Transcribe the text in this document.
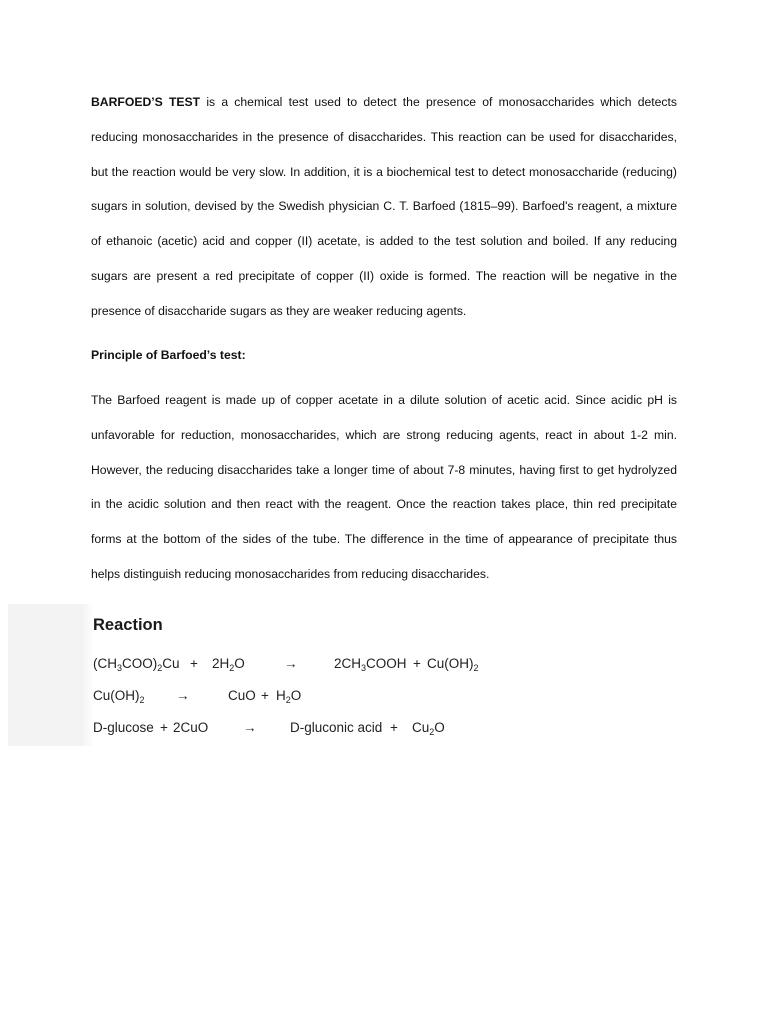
BARFOED’S TEST is a chemical test used to detect the presence of monosaccharides which detects reducing monosaccharides in the presence of disaccharides. This reaction can be used for disaccharides, but the reaction would be very slow. In addition, it is a biochemical test to detect monosaccharide (reducing) sugars in solution, devised by the Swedish physician C. T. Barfoed (1815–99). Barfoed's reagent, a mixture of ethanoic (acetic) acid and copper (II) acetate, is added to the test solution and boiled. If any reducing sugars are present a red precipitate of copper (II) oxide is formed. The reaction will be negative in the presence of disaccharide sugars as they are weaker reducing agents.

Principle of Barfoed’s test:

The Barfoed reagent is made up of copper acetate in a dilute solution of acetic acid. Since acidic pH is unfavorable for reduction, monosaccharides, which are strong reducing agents, react in about 1-2 min. However, the reducing disaccharides take a longer time of about 7-8 minutes, having first to get hydrolyzed in the acidic solution and then react with the reagent. Once the reaction takes place, thin red precipitate forms at the bottom of the sides of the tube. The difference in the time of appearance of precipitate thus helps distinguish reducing monosaccharides from reducing disaccharides.

Reaction
$(CH_3COO)_2Cu + 2H_2O$	→	$2CH_3COOH + Cu(OH)_2$
$Cu(OH)_2$ →	CuO + $H_2O$
D-glucose + 2CuO	→ D-gluconic acid + $Cu_2O$
